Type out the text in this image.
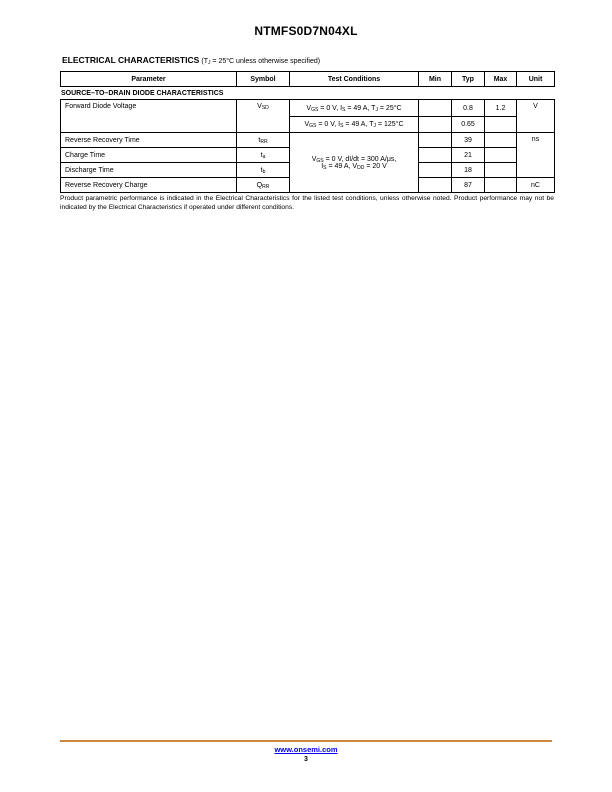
NTMFS0D7N04XL
ELECTRICAL CHARACTERISTICS ($T_J = 25^\circ C$ unless otherwise specified)
Parameter	Symbol	Test Conditions	Min	Typ	Max	Unit
SOURCE–TO–DRAIN DIODE CHARACTERISTICS
Forward Diode Voltage	$V_{SD}$	$V_{GS} = 0$ V, $I_S = 49$ A, $T_J = 25^\circ C$		0.8	1.2	V
		$V_{GS} = 0$ V, $I_S = 49$ A, $T_J = 125^\circ C$		0.65		
Reverse Recovery Time	$t_{RR}$	$V_{GS} = 0$ V, dI/dt = 300 A/μs,
$I_S = 49$ A, $V_{DD} = 20$ V		39		ns
Charge Time	$t_a$			21		
Discharge Time	$t_b$			18		
Reverse Recovery Charge	$Q_{RR}$			87		nC

Product parametric performance is indicated in the Electrical Characteristics for the listed test conditions, unless otherwise noted. Product performance may not be indicated by the Electrical Characteristics if operated under different conditions.

www.onsemi.com
3
